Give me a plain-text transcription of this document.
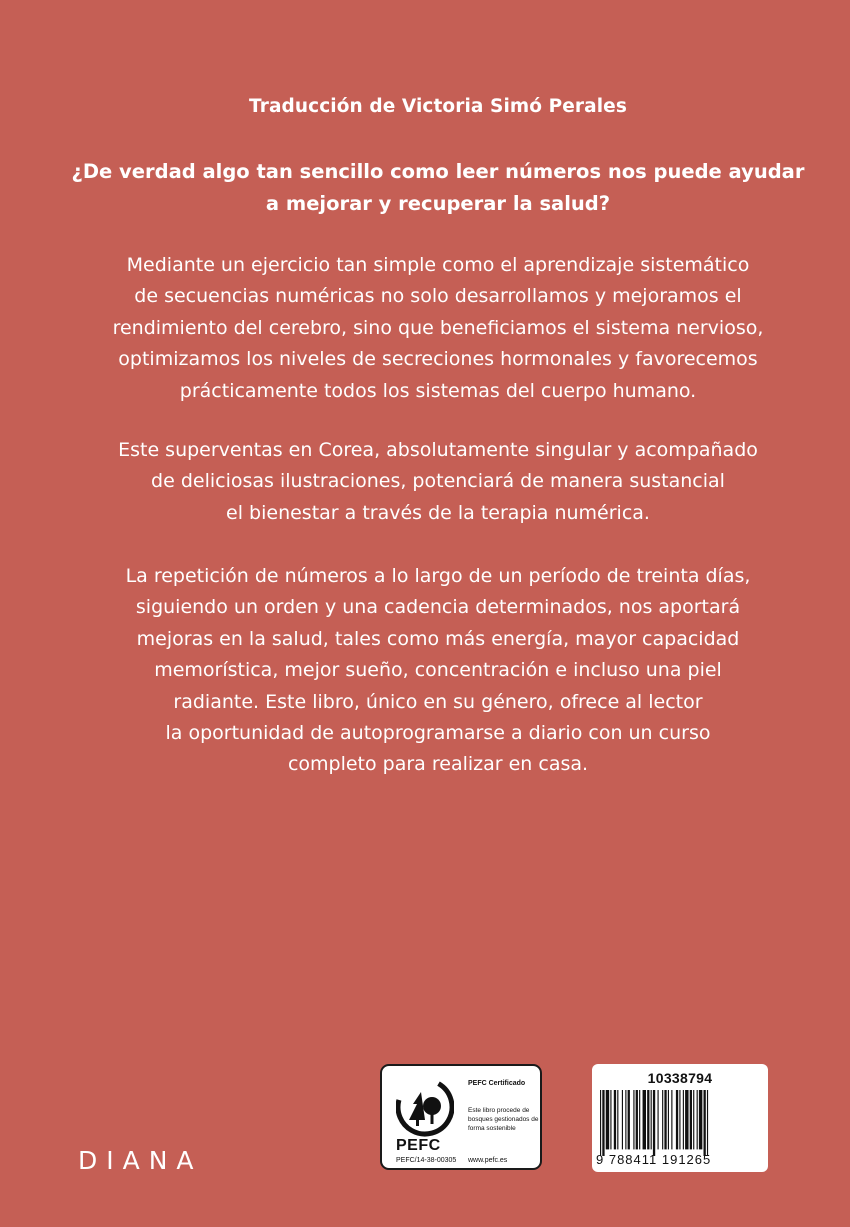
Traducción de Victoria Simó Perales
¿De verdad algo tan sencillo como leer números nos puede ayudar
a mejorar y recuperar la salud?
Mediante un ejercicio tan simple como el aprendizaje sistemático
de secuencias numéricas no solo desarrollamos y mejoramos el
rendimiento del cerebro, sino que beneficiamos el sistema nervioso,
optimizamos los niveles de secreciones hormonales y favorecemos
prácticamente todos los sistemas del cuerpo humano.
Este superventas en Corea, absolutamente singular y acompañado
de deliciosas ilustraciones, potenciará de manera sustancial
el bienestar a través de la terapia numérica.
La repetición de números a lo largo de un período de treinta días,
siguiendo un orden y una cadencia determinados, nos aportará
mejoras en la salud, tales como más energía, mayor capacidad
memorística, mejor sueño, concentración e incluso una piel
radiante. Este libro, único en su género, ofrece al lector
la oportunidad de autoprogramarse a diario con un curso
completo para realizar en casa.
DIANA
PEFC
PEFC/14-38-00305
PEFC Certificado
Este libro procede de bosques gestionados de forma sostenible
www.pefc.es
10338794
9 788411 191265
